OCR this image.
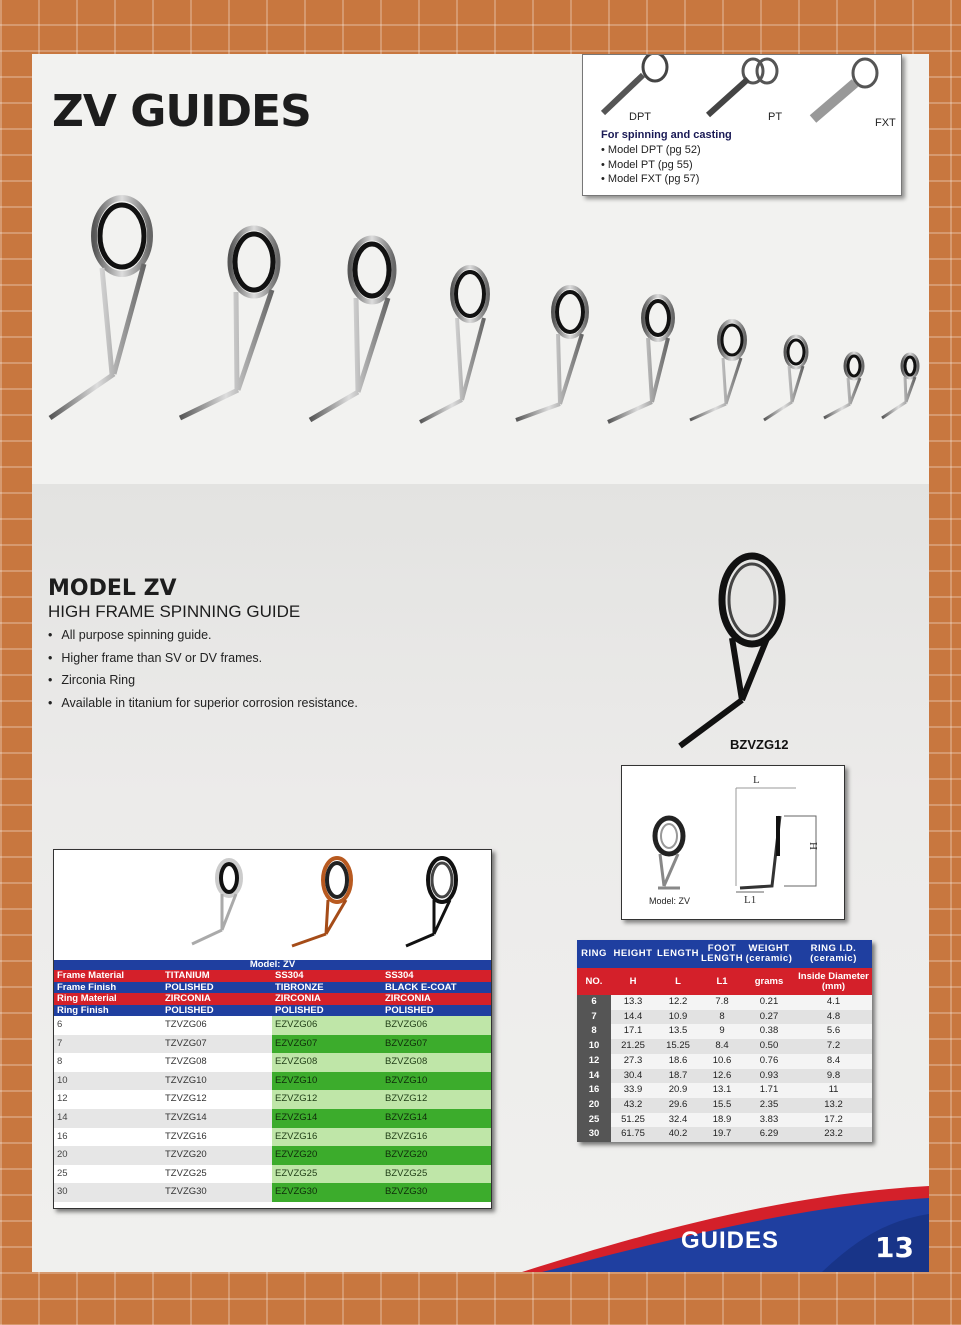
ZV GUIDES	DPT	PT	FXT
For spinning and casting
• Model DPT (pg 52)
• Model PT (pg 55)
• Model FXT (pg 57)
MODEL ZV
HIGH FRAME SPINNING GUIDE
• All purpose spinning guide.
• Higher frame than SV or DV frames.
• Zirconia Ring
• Available in titanium for superior corrosion resistance.
BZVZG12
L
H
L1
Model: ZV
Model: ZV			
Frame Material	TITANIUM	SS304	SS304
Frame Finish	POLISHED	TIBRONZE	BLACK E-COAT
Ring Material	ZIRCONIA	ZIRCONIA	ZIRCONIA
Ring Finish	POLISHED	POLISHED	POLISHED
6	TZVZG06	EZVZG06	BZVZG06
7	TZVZG07	EZVZG07	BZVZG07
8	TZVZG08	EZVZG08	BZVZG08
10	TZVZG10	EZVZG10	BZVZG10
12	TZVZG12	EZVZG12	BZVZG12
14	TZVZG14	EZVZG14	BZVZG14
16	TZVZG16	EZVZG16	BZVZG16
20	TZVZG20	EZVZG20	BZVZG20
25	TZVZG25	EZVZG25	BZVZG25
30	TZVZG30	EZVZG30	BZVZG30
RING	HEIGHT	LENGTH	FOOT LENGTH	WEIGHT (ceramic)	RING I.D. (ceramic)
NO.	H	L	L1	grams	Inside Diameter (mm)
6	13.3	12.2	7.8	0.21	4.1
7	14.4	10.9	8	0.27	4.8
8	17.1	13.5	9	0.38	5.6
10	21.25	15.25	8.4	0.50	7.2
12	27.3	18.6	10.6	0.76	8.4
14	30.4	18.7	12.6	0.93	9.8
16	33.9	20.9	13.1	1.71	11
20	43.2	29.6	15.5	2.35	13.2
25	51.25	32.4	18.9	3.83	17.2
30	61.75	40.2	19.7	6.29	23.2
GUIDES	13
